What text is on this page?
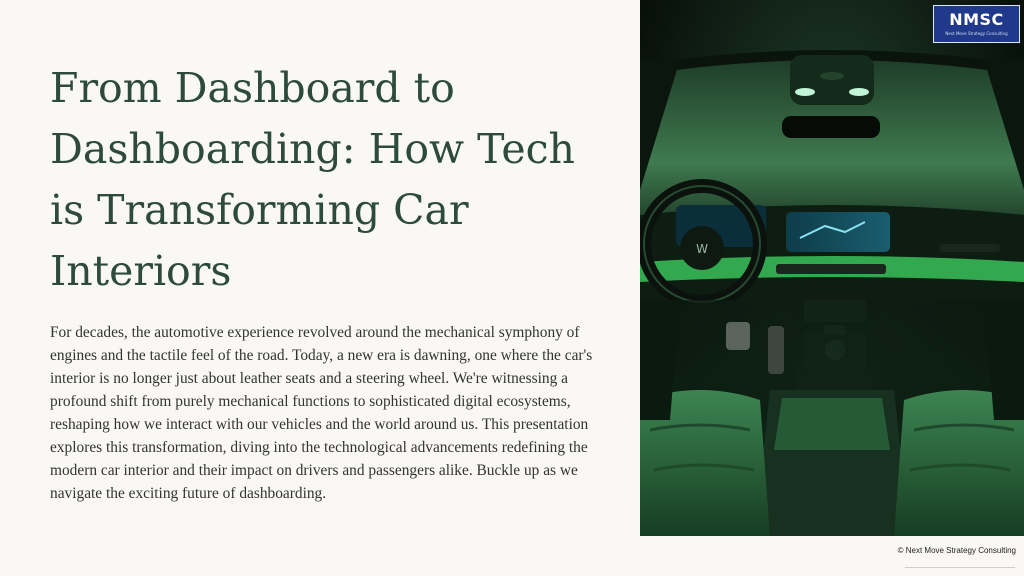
From Dashboard to Dashboarding: How Tech is Transforming Car Interiors

For decades, the automotive experience revolved around the mechanical symphony of engines and the tactile feel of the road. Today, a new era is dawning, one where the car's interior is no longer just about leather seats and a steering wheel. We're witnessing a profound shift from purely mechanical functions to sophisticated digital ecosystems, reshaping how we interact with our vehicles and the world around us. This presentation explores this transformation, diving into the technological advancements redefining the modern car interior and their impact on drivers and passengers alike. Buckle up as we navigate the exciting future of dashboarding.

W
NMSC
Next Move Strategy Consulting
© Next Move Strategy Consulting
